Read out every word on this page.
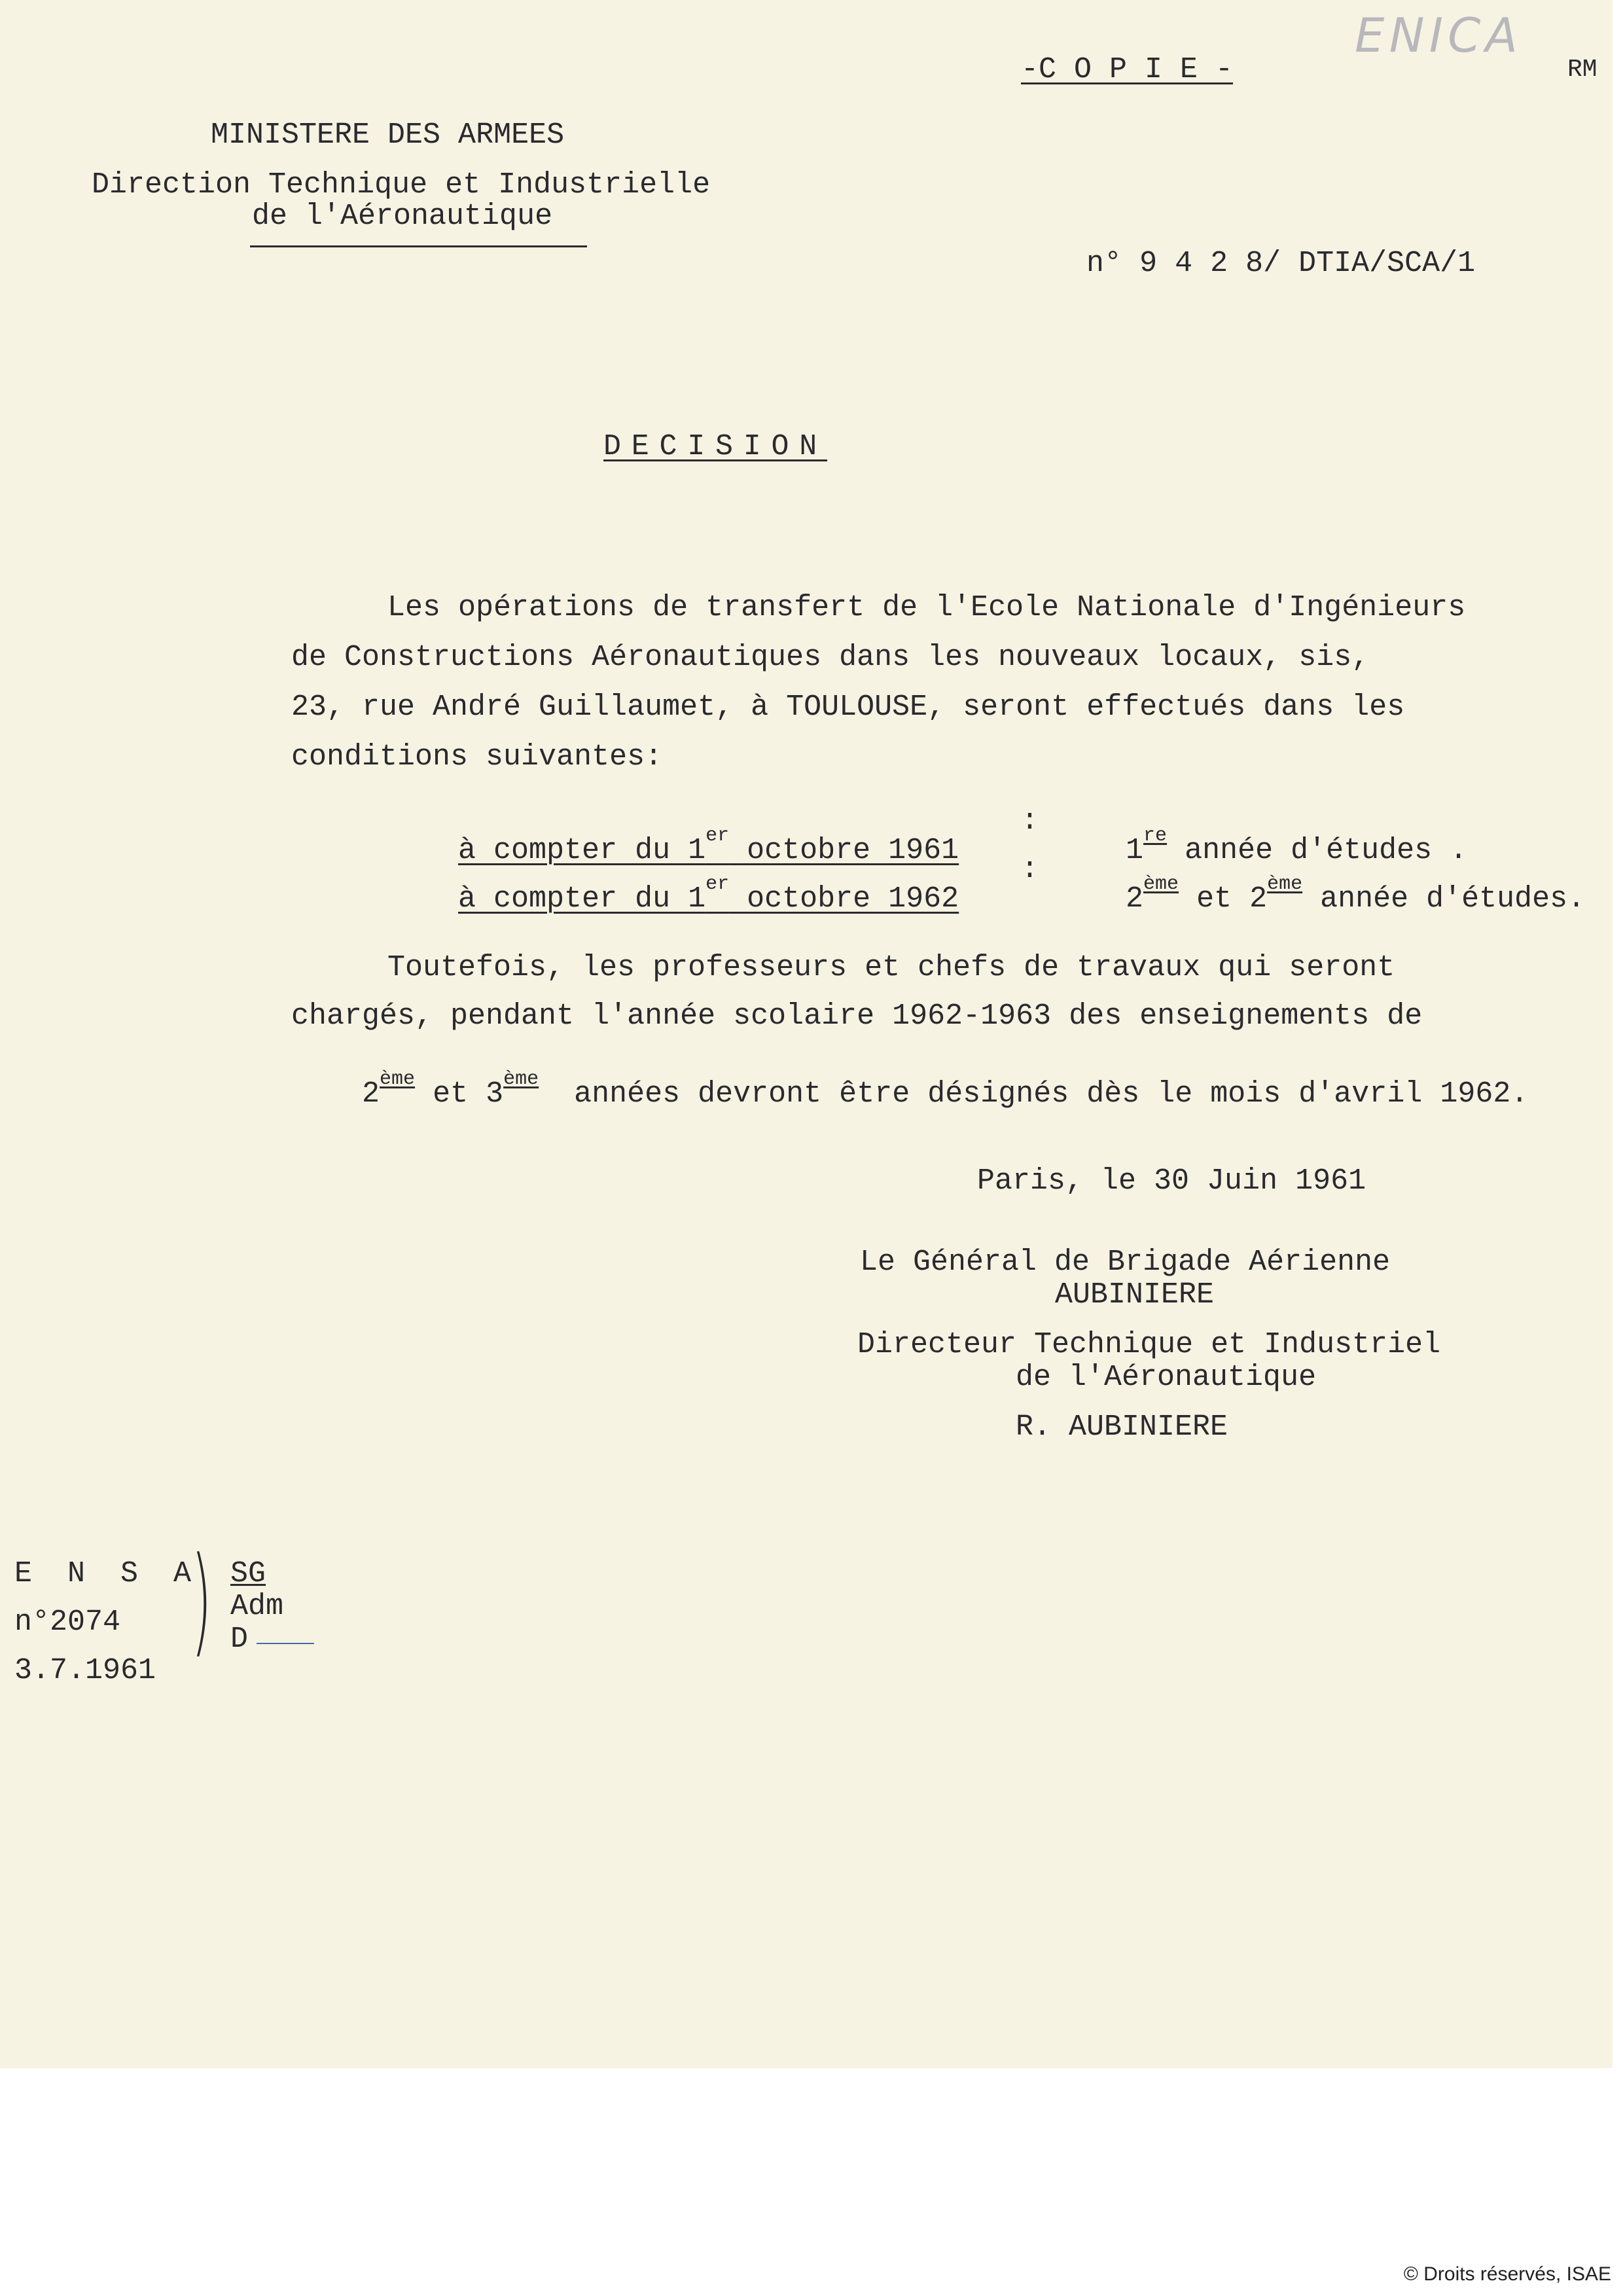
ENICA
-C O P I E -	RM
MINISTERE DES ARMEES
Direction Technique et Industrielle
de l'Aéronautique

n° 9 4 2 8/ DTIA/SCA/1

DECISION
Les opérations de transfert de l'Ecole Nationale d'Ingénieurs
de Constructions Aéronautiques dans les nouveaux locaux, sis,
23, rue André Guillaumet, à TOULOUSE, seront effectués dans les
conditions suivantes:

à compter du 1er octobre 1961

:

1re année d'études .

à compter du 1er octobre 1962

:

2ème et 2ème année d'études.

Toutefois, les professeurs et chefs de travaux qui seront
chargés, pendant l'année scolaire 1962-1963 des enseignements de

2ème et 3ème  années devront être désignés dès le mois d'avril 1962.

Paris, le 30 Juin 1961
Le Général de Brigade Aérienne
AUBINIERE
Directeur Technique et Industriel
de l'Aéronautique
R. AUBINIERE
E N S A
n°2074
3.7.1961
) SG
Adm
D
© Droits réservés, ISAE
